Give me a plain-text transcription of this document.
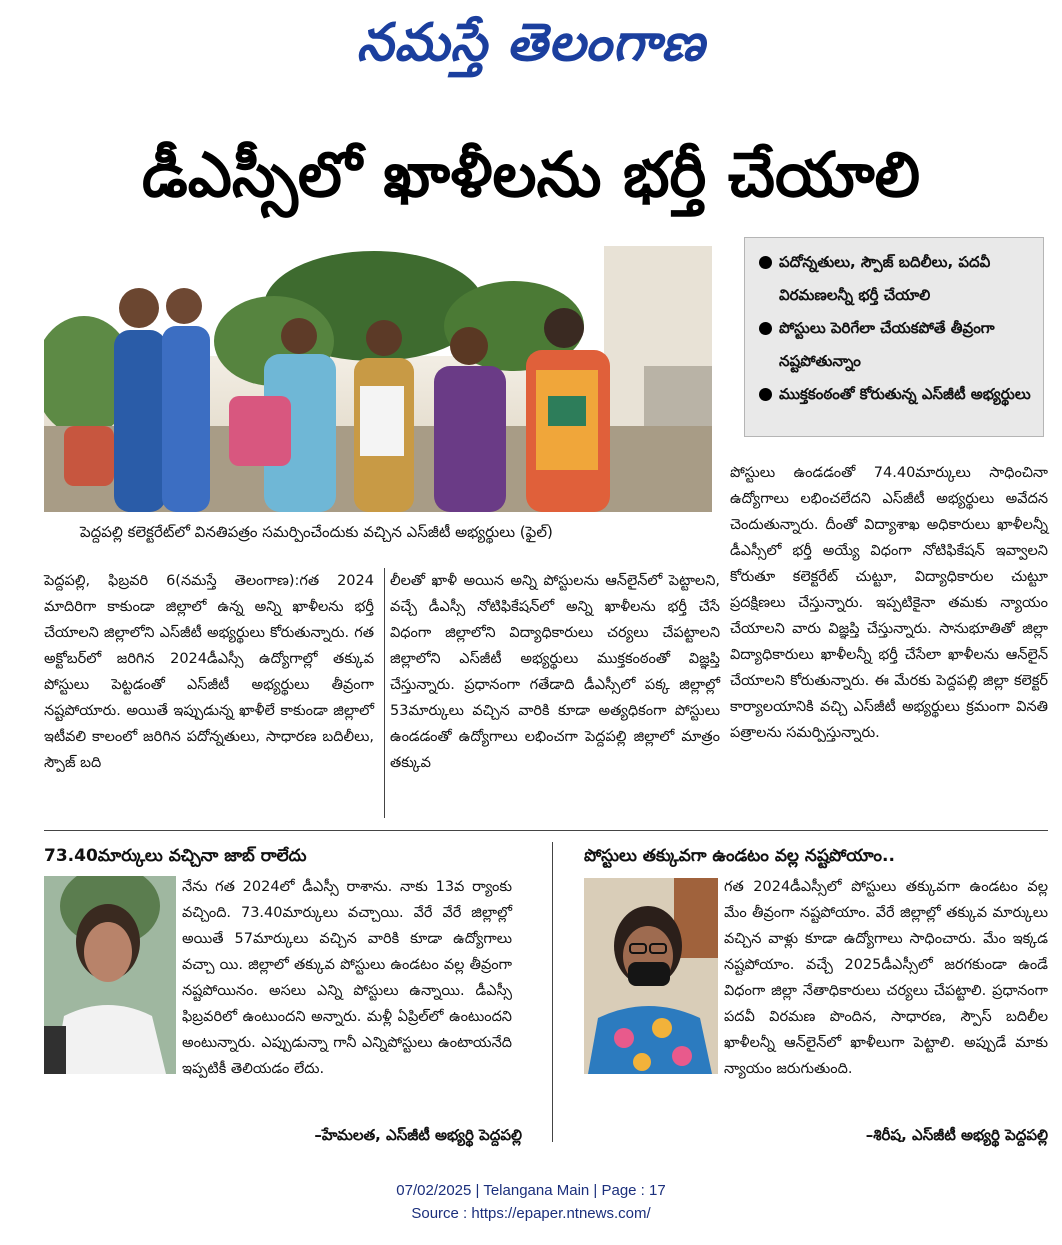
నమస్తే తెలంగాణ
డీఎస్సీలో ఖాళీలను భర్తీ చేయాలి
పెద్దపల్లి కలెక్టరేట్‌లో వినతిపత్రం సమర్పించేందుకు వచ్చిన ఎస్‌జీటీ అభ్యర్థులు (ఫైల్)
పదోన్నతులు, స్పౌజ్ బదిలీలు, పదవీ విరమణలన్నీ భర్తీ చేయాలి
పోస్టులు పెరిగేలా చేయకపోతే తీవ్రంగా నష్టపోతున్నాం
ముక్తకంఠంతో కోరుతున్న ఎస్‌జీటీ అభ్యర్థులు

పోస్టులు ఉండడంతో 74.40మార్కులు సాధించినా ఉద్యోగాలు లభించలేదని ఎస్‌జీటీ అభ్యర్థులు అవేదన చెందుతున్నారు. దీంతో విద్యాశాఖ అధికారులు ఖాళీలన్నీ డీఎస్సీలో భర్తీ అయ్యే విధంగా నోటిఫికేషన్ ఇవ్వాలని కోరుతూ కలెక్టరేట్ చుట్టూ, విద్యాధికారుల చుట్టూ ప్రదక్షిణలు చేస్తున్నారు. ఇప్పటికైనా తమకు న్యాయం చేయాలని వారు విజ్ఞప్తి చేస్తున్నారు. సానుభూతితో జిల్లా విద్యాధికారులు ఖాళీలన్నీ భర్తీ చేసేలా ఖాళీలను ఆన్‌లైన్ చేయాలని కోరుతున్నారు. ఈ మేరకు పెద్దపల్లి జిల్లా కలెక్టర్ కార్యాలయానికి వచ్చి ఎస్‌జీటీ అభ్యర్థులు క్రమంగా వినతి పత్రాలను సమర్పిస్తున్నారు.

పెద్దపల్లి, ఫిబ్రవరి 6(నమస్తే తెలంగాణ):గత 2024 మాదిరిగా కాకుండా జిల్లాలో ఉన్న అన్ని ఖాళీలను భర్తీ చేయాలని జిల్లాలోని ఎస్‌జీటీ అభ్యర్థులు కోరుతున్నారు. గత అక్టోబర్‌లో జరిగిన 2024డీఎస్సీ ఉద్యోగాల్లో తక్కువ పోస్టులు పెట్టడంతో ఎస్‌జీటీ అభ్యర్థులు తీవ్రంగా నష్టపోయారు. అయితే ఇప్పుడున్న ఖాళీలే కాకుండా జిల్లాలో ఇటీవలి కాలంలో జరిగిన పదోన్నతులు, సాధారణ బదిలీలు, స్పౌజ్ బది

లీలతో ఖాళీ అయిన అన్ని పోస్టులను ఆన్‌లైన్‌లో పెట్టాలని, వచ్చే డీఎస్సీ నోటిఫికేషన్‌లో అన్ని ఖాళీలను భర్తీ చేసే విధంగా జిల్లాలోని విద్యాధికారులు చర్యలు చేపట్టాలని జిల్లాలోని ఎస్‌జీటీ అభ్యర్థులు ముక్తకంఠంతో విజ్ఞప్తి చేస్తున్నారు. ప్రధానంగా గతేడాది డీఎస్సీలో పక్క జిల్లాల్లో 53మార్కులు వచ్చిన వారికి కూడా అత్యధికంగా పోస్టులు ఉండడంతో ఉద్యోగాలు లభించగా పెద్దపల్లి జిల్లాలో మాత్రం తక్కువ

73.40మార్కులు వచ్చినా జాబ్ రాలేదు

నేను గత 2024లో డీఎస్సీ రాశాను. నాకు 13వ ర్యాంకు వచ్చింది. 73.40మార్కులు వచ్చాయి. వేరే వేరే జిల్లాల్లో అయితే 57మార్కులు వచ్చిన వారికి కూడా ఉద్యోగాలు వచ్చా యి. జిల్లాలో తక్కువ పోస్టులు ఉండటం వల్ల తీవ్రంగా నష్టపోయినం. అసలు ఎన్ని పోస్టులు ఉన్నాయి. డీఎస్సీ ఫిబ్రవరిలో ఉంటుందని అన్నారు. మళ్లీ ఏప్రిల్‌లో ఉంటుందని అంటున్నారు. ఎప్పుడున్నా గానీ ఎన్నిపోస్టులు ఉంటాయనేది ఇప్పటికీ తెలియడం లేదు.

–హేమలత, ఎస్‌జీటీ అభ్యర్థి పెద్దపల్లి
పోస్టులు తక్కువగా ఉండటం వల్ల నష్టపోయాం..

గత 2024డీఎస్సీలో పోస్టులు తక్కువగా ఉండటం వల్ల మేం తీవ్రంగా నష్టపోయాం. వేరే జిల్లాల్లో తక్కువ మార్కులు వచ్చిన వాళ్లు కూడా ఉద్యోగాలు సాధించారు. మేం ఇక్కడ నష్టపోయాం. వచ్చే 2025డీఎస్సీలో జరగకుండా ఉండే విధంగా జిల్లా నేతాధికారులు చర్యలు చేపట్టాలి. ప్రధానంగా పదవీ విరమణ పొందిన, సాధారణ, స్పౌస్ బదిలీల ఖాళీలన్నీ ఆన్‌లైన్‌లో ఖాళీలుగా పెట్టాలి. అప్పుడే మాకు న్యాయం జరుగుతుంది.

–శిరీష, ఎస్‌జీటీ అభ్యర్థి పెద్దపల్లి
07/02/2025 | Telangana Main | Page : 17
Source : https://epaper.ntnews.com/
